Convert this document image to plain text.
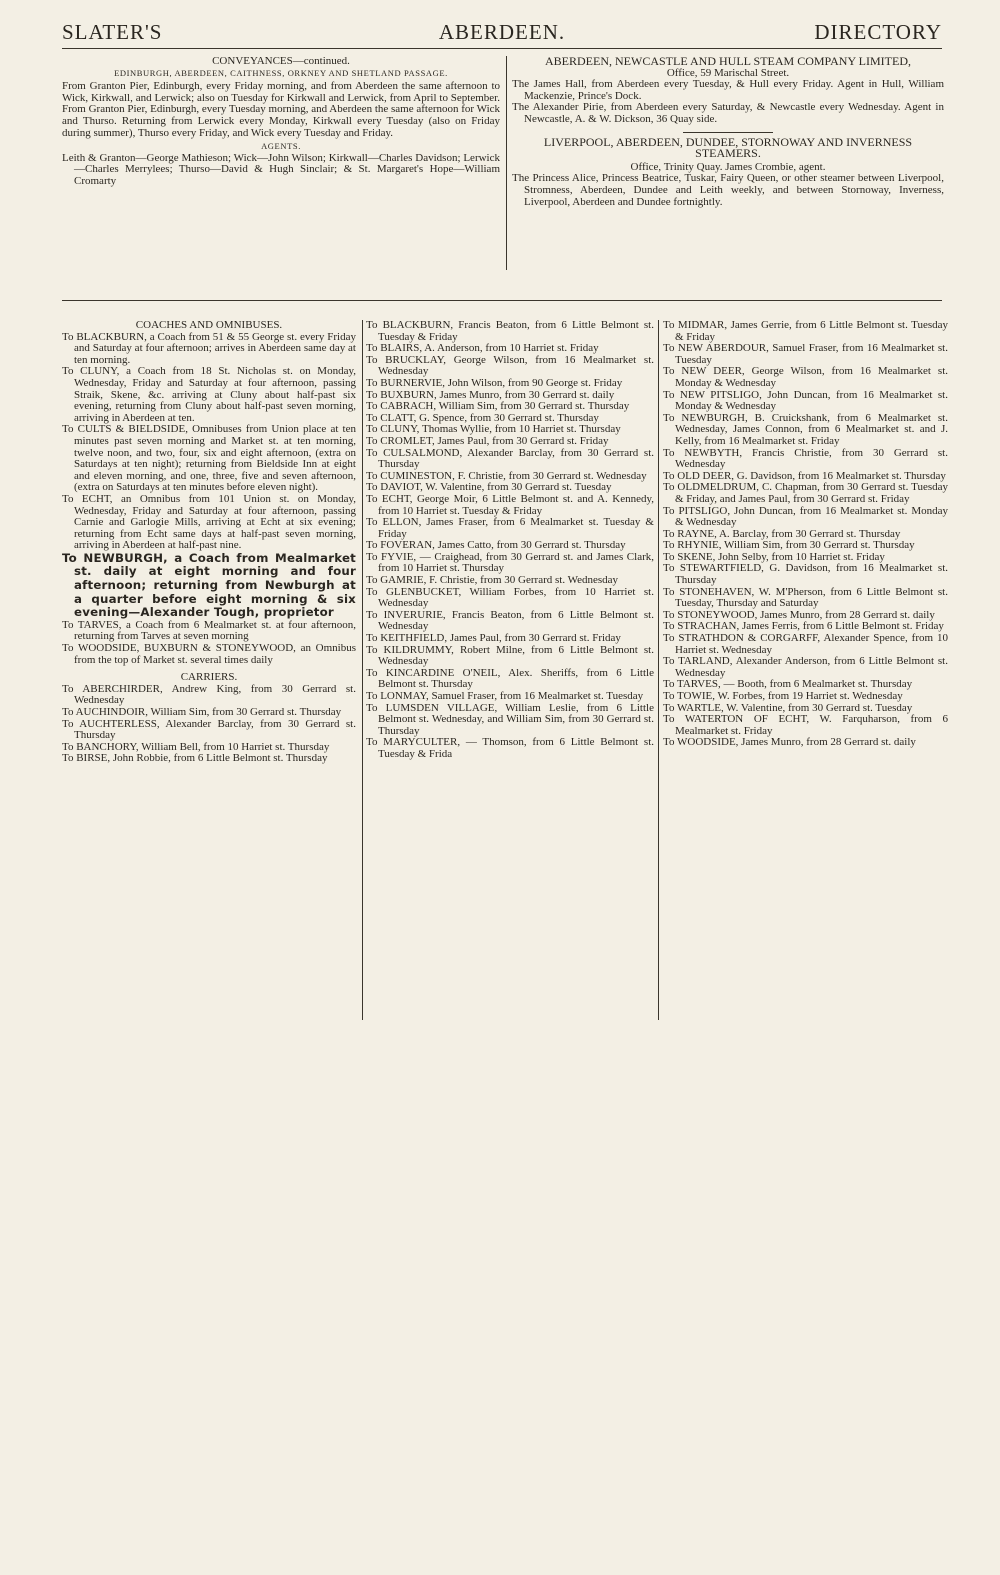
SLATER'S	ABERDEEN.	DIRECTORY

CONVEYANCES—continued.

EDINBURGH, ABERDEEN, CAITHNESS, ORKNEY AND SHETLAND PASSAGE.

From Granton Pier, Edinburgh, every Friday morning, and from Aberdeen the same afternoon to Wick, Kirkwall, and Lerwick; also on Tuesday for Kirkwall and Lerwick, from April to September. From Granton Pier, Edinburgh, every Tuesday morning, and Aberdeen the same afternoon for Wick and Thurso. Returning from Lerwick every Monday, Kirkwall every Tuesday (also on Friday during summer), Thurso every Friday, and Wick every Tuesday and Friday.

AGENTS.

Leith & Granton—George Mathieson; Wick—John Wilson; Kirkwall—Charles Davidson; Lerwick—Charles Merrylees; Thurso—David & Hugh Sinclair; & St. Margaret's Hope—William Cromarty

ABERDEEN, NEWCASTLE AND HULL STEAM COMPANY LIMITED,

Office, 59 Marischal Street.

The James Hall, from Aberdeen every Tuesday, & Hull every Friday. Agent in Hull, William Mackenzie, Prince's Dock.

The Alexander Pirie, from Aberdeen every Saturday, & Newcastle every Wednesday. Agent in Newcastle, A. & W. Dickson, 36 Quay side.

LIVERPOOL, ABERDEEN, DUNDEE, STORNOWAY AND INVERNESS STEAMERS.

Office, Trinity Quay. James Crombie, agent.

The Princess Alice, Princess Beatrice, Tuskar, Fairy Queen, or other steamer between Liverpool, Stromness, Aberdeen, Dundee and Leith weekly, and between Stornoway, Inverness, Liverpool, Aberdeen and Dundee fortnightly.

COACHES AND OMNIBUSES.

To BLACKBURN, a Coach from 51 & 55 George st. every Friday and Saturday at four afternoon; arrives in Aberdeen same day at ten morning.

To CLUNY, a Coach from 18 St. Nicholas st. on Monday, Wednesday, Friday and Saturday at four afternoon, passing Straik, Skene, &c. arriving at Cluny about half-past six evening, returning from Cluny about half-past seven morning, arriving in Aberdeen at ten.

To CULTS & BIELDSIDE, Omnibuses from Union place at ten minutes past seven morning and Market st. at ten morning, twelve noon, and two, four, six and eight afternoon, (extra on Saturdays at ten night); returning from Bieldside Inn at eight and eleven morning, and one, three, five and seven afternoon, (extra on Saturdays at ten minutes before eleven night).

To ECHT, an Omnibus from 101 Union st. on Monday, Wednesday, Friday and Saturday at four afternoon, passing Carnie and Garlogie Mills, arriving at Echt at six evening; returning from Echt same days at half-past seven morning, arriving in Aberdeen at half-past nine.

To NEWBURGH, a Coach from Mealmarket st. daily at eight morning and four afternoon; returning from Newburgh at a quarter before eight morning & six evening—Alexander Tough, proprietor

To TARVES, a Coach from 6 Mealmarket st. at four afternoon, returning from Tarves at seven morning

To WOODSIDE, BUXBURN & STONEYWOOD, an Omnibus from the top of Market st. several times daily

CARRIERS.

To ABERCHIRDER, Andrew King, from 30 Gerrard st. Wednesday

To AUCHINDOIR, William Sim, from 30 Gerrard st. Thursday

To AUCHTERLESS, Alexander Barclay, from 30 Gerrard st. Thursday

To BANCHORY, William Bell, from 10 Harriet st. Thursday

To BIRSE, John Robbie, from 6 Little Belmont st. Thursday

To BLACKBURN, Francis Beaton, from 6 Little Belmont st. Tuesday & Friday

To BLAIRS, A. Anderson, from 10 Harriet st. Friday

To BRUCKLAY, George Wilson, from 16 Mealmarket st. Wednesday

To BURNERVIE, John Wilson, from 90 George st. Friday

To BUXBURN, James Munro, from 30 Gerrard st. daily

To CABRACH, William Sim, from 30 Gerrard st. Thursday

To CLATT, G. Spence, from 30 Gerrard st. Thursday

To CLUNY, Thomas Wyllie, from 10 Harriet st. Thursday

To CROMLET, James Paul, from 30 Gerrard st. Friday

To CULSALMOND, Alexander Barclay, from 30 Gerrard st. Thursday

To CUMINESTON, F. Christie, from 30 Gerrard st. Wednesday

To DAVIOT, W. Valentine, from 30 Gerrard st. Tuesday

To ECHT, George Moir, 6 Little Belmont st. and A. Kennedy, from 10 Harriet st. Tuesday & Friday

To ELLON, James Fraser, from 6 Mealmarket st. Tuesday & Friday

To FOVERAN, James Catto, from 30 Gerrard st. Thursday

To FYVIE, — Craighead, from 30 Gerrard st. and James Clark, from 10 Harriet st. Thursday

To GAMRIE, F. Christie, from 30 Gerrard st. Wednesday

To GLENBUCKET, William Forbes, from 10 Harriet st. Wednesday

To INVERURIE, Francis Beaton, from 6 Little Belmont st. Wednesday

To KEITHFIELD, James Paul, from 30 Gerrard st. Friday

To KILDRUMMY, Robert Milne, from 6 Little Belmont st. Wednesday

To KINCARDINE O'NEIL, Alex. Sheriffs, from 6 Little Belmont st. Thursday

To LONMAY, Samuel Fraser, from 16 Mealmarket st. Tuesday

To LUMSDEN VILLAGE, William Leslie, from 6 Little Belmont st. Wednesday, and William Sim, from 30 Gerrard st. Thursday

To MARYCULTER, — Thomson, from 6 Little Belmont st. Tuesday & Frida

To MIDMAR, James Gerrie, from 6 Little Belmont st. Tuesday & Friday

To NEW ABERDOUR, Samuel Fraser, from 16 Mealmarket st. Tuesday

To NEW DEER, George Wilson, from 16 Mealmarket st. Monday & Wednesday

To NEW PITSLIGO, John Duncan, from 16 Mealmarket st. Monday & Wednesday

To NEWBURGH, B. Cruickshank, from 6 Mealmarket st. Wednesday, James Connon, from 6 Mealmarket st. and J. Kelly, from 16 Mealmarket st. Friday

To NEWBYTH, Francis Christie, from 30 Gerrard st. Wednesday

To OLD DEER, G. Davidson, from 16 Mealmarket st. Thursday

To OLDMELDRUM, C. Chapman, from 30 Gerrard st. Tuesday & Friday, and James Paul, from 30 Gerrard st. Friday

To PITSLIGO, John Duncan, from 16 Mealmarket st. Monday & Wednesday

To RAYNE, A. Barclay, from 30 Gerrard st. Thursday

To RHYNIE, William Sim, from 30 Gerrard st. Thursday

To SKENE, John Selby, from 10 Harriet st. Friday

To STEWARTFIELD, G. Davidson, from 16 Mealmarket st. Thursday

To STONEHAVEN, W. M'Pherson, from 6 Little Belmont st. Tuesday, Thursday and Saturday

To STONEYWOOD, James Munro, from 28 Gerrard st. daily

To STRACHAN, James Ferris, from 6 Little Belmont st. Friday

To STRATHDON & CORGARFF, Alexander Spence, from 10 Harriet st. Wednesday

To TARLAND, Alexander Anderson, from 6 Little Belmont st. Wednesday

To TARVES, — Booth, from 6 Mealmarket st. Thursday

To TOWIE, W. Forbes, from 19 Harriet st. Wednesday

To WARTLE, W. Valentine, from 30 Gerrard st. Tuesday

To WATERTON OF ECHT, W. Farquharson, from 6 Mealmarket st. Friday

To WOODSIDE, James Munro, from 28 Gerrard st. daily
